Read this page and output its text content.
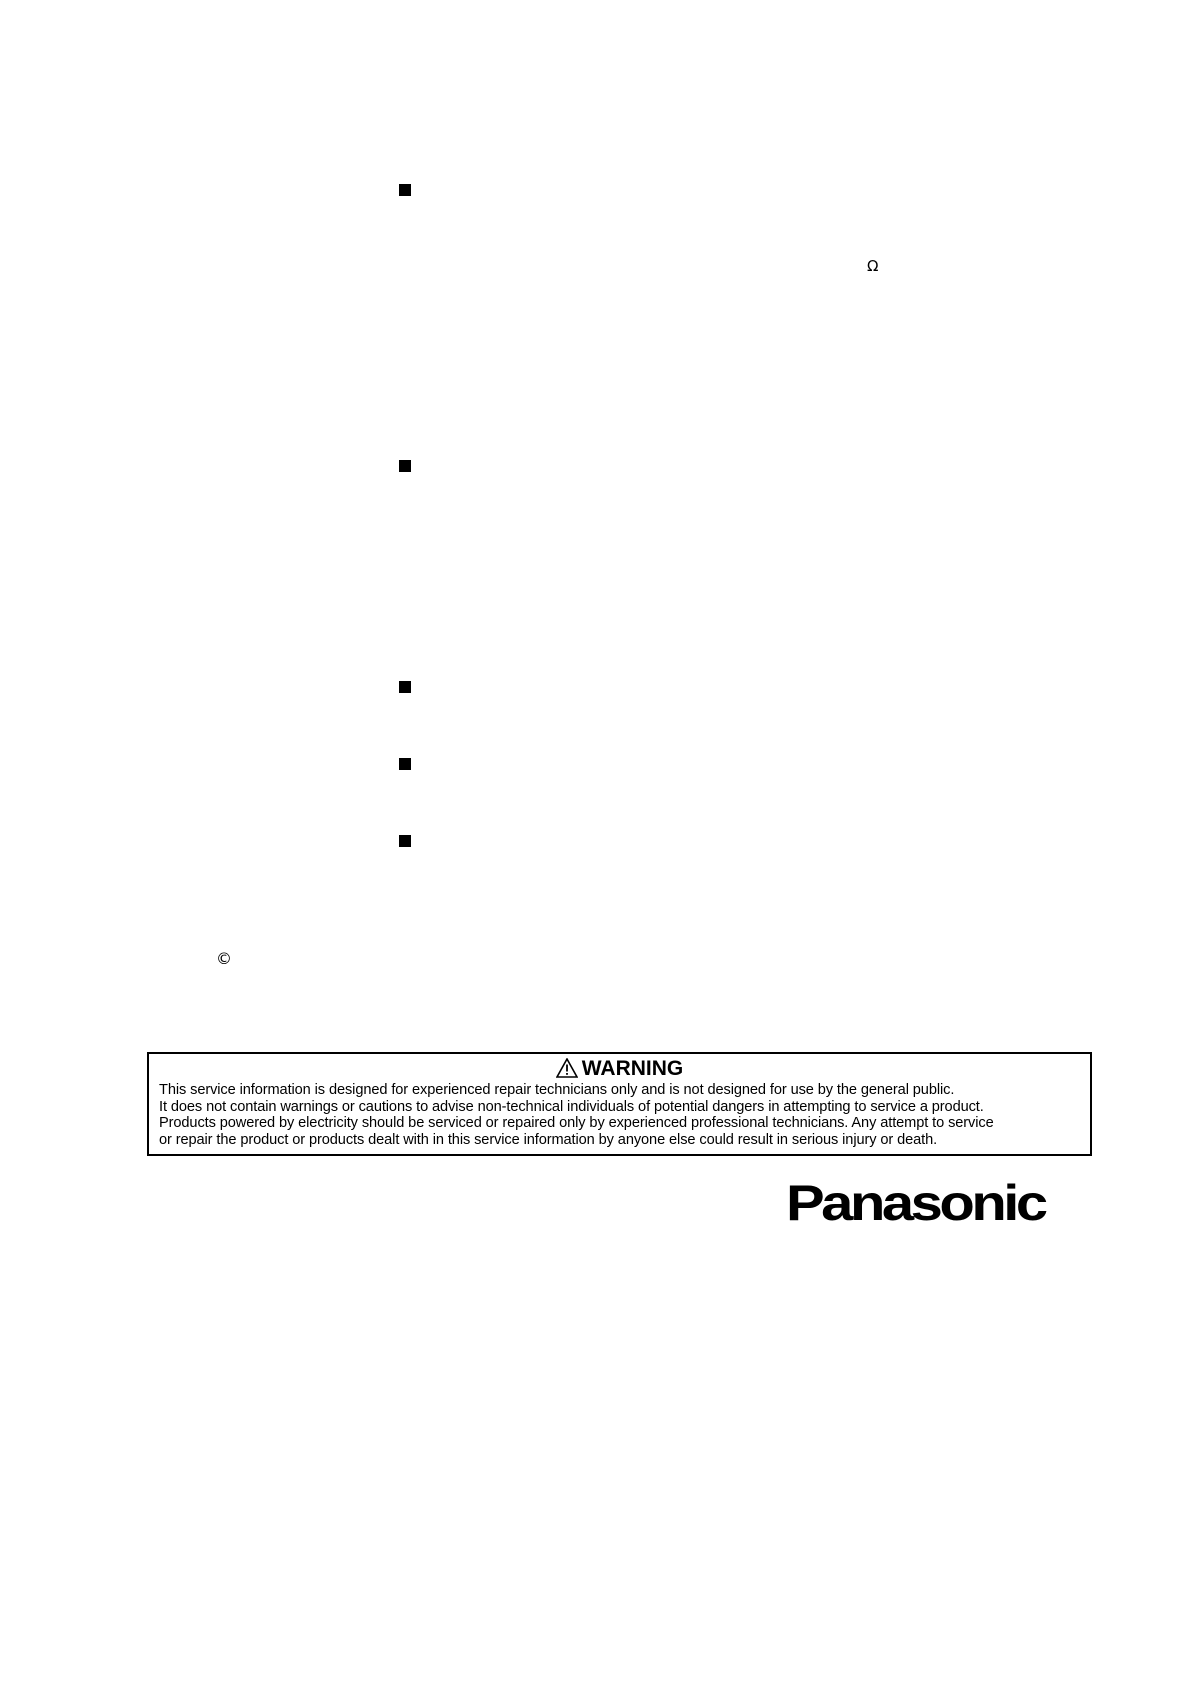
Ω
©
WARNING
This service information is designed for experienced repair technicians only and is not designed for use by the general public.
It does not contain warnings or cautions to advise non-technical individuals of potential dangers in attempting to service a product.
Products powered by electricity should be serviced or repaired only by experienced professional technicians. Any attempt to service
or repair the product or products dealt with in this service information by anyone else could result in serious injury or death.
Panasonic
